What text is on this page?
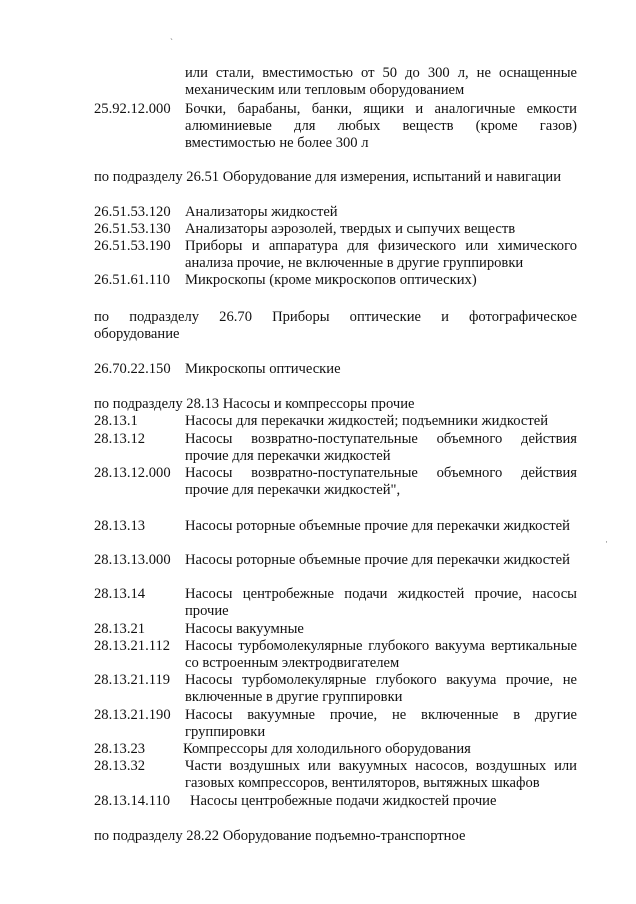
ˎ
или стали, вместимостью от 50 до 300 л, не оснащенные
механическим или тепловым оборудованием
25.92.12.000 Бочки, барабаны, банки, ящики и аналогичные емкости
алюминиевые для любых веществ (кроме газов)
вместимостью не более 300 л
по подразделу 26.51 Оборудование для измерения, испытаний и навигации
26.51.53.120 Анализаторы жидкостей
26.51.53.130 Анализаторы аэрозолей, твердых и сыпучих веществ
26.51.53.190 Приборы и аппаратура для физического или химического анализа прочие, не включенные в другие группировки
26.51.61.110 Микроскопы (кроме микроскопов оптических)
по подразделу 26.70 Приборы оптические и фотографическое
оборудование
26.70.22.150 Микроскопы оптические
по подразделу 28.13 Насосы и компрессоры прочие
28.13.1	Насосы для перекачки жидкостей; подъемники жидкостей
28.13.12	Насосы возвратно-поступательные объемного действия прочие для перекачки жидкостей
28.13.12.000 Насосы возвратно-поступательные объемного действия прочие для перекачки жидкостей",
28.13.13	Насосы роторные объемные прочие для перекачки жидкостей
28.13.13.000 Насосы роторные объемные прочие для перекачки жидкостей
28.13.14	Насосы центробежные подачи жидкостей прочие, насосы прочие
28.13.21	Насосы вакуумные
28.13.21.112 Насосы турбомолекулярные глубокого вакуума вертикальные со встроенным электродвигателем
28.13.21.119 Насосы турбомолекулярные глубокого вакуума прочие, не включенные в другие группировки
28.13.21.190 Насосы вакуумные прочие, не включенные в другие группировки
28.13.23	Компрессоры для холодильного оборудования
28.13.32	Части воздушных или вакуумных насосов, воздушных или газовых компрессоров, вентиляторов, вытяжных шкафов
28.13.14.110 Насосы центробежные подачи жидкостей прочие
по подразделу 28.22 Оборудование подъемно-транспортное
·
